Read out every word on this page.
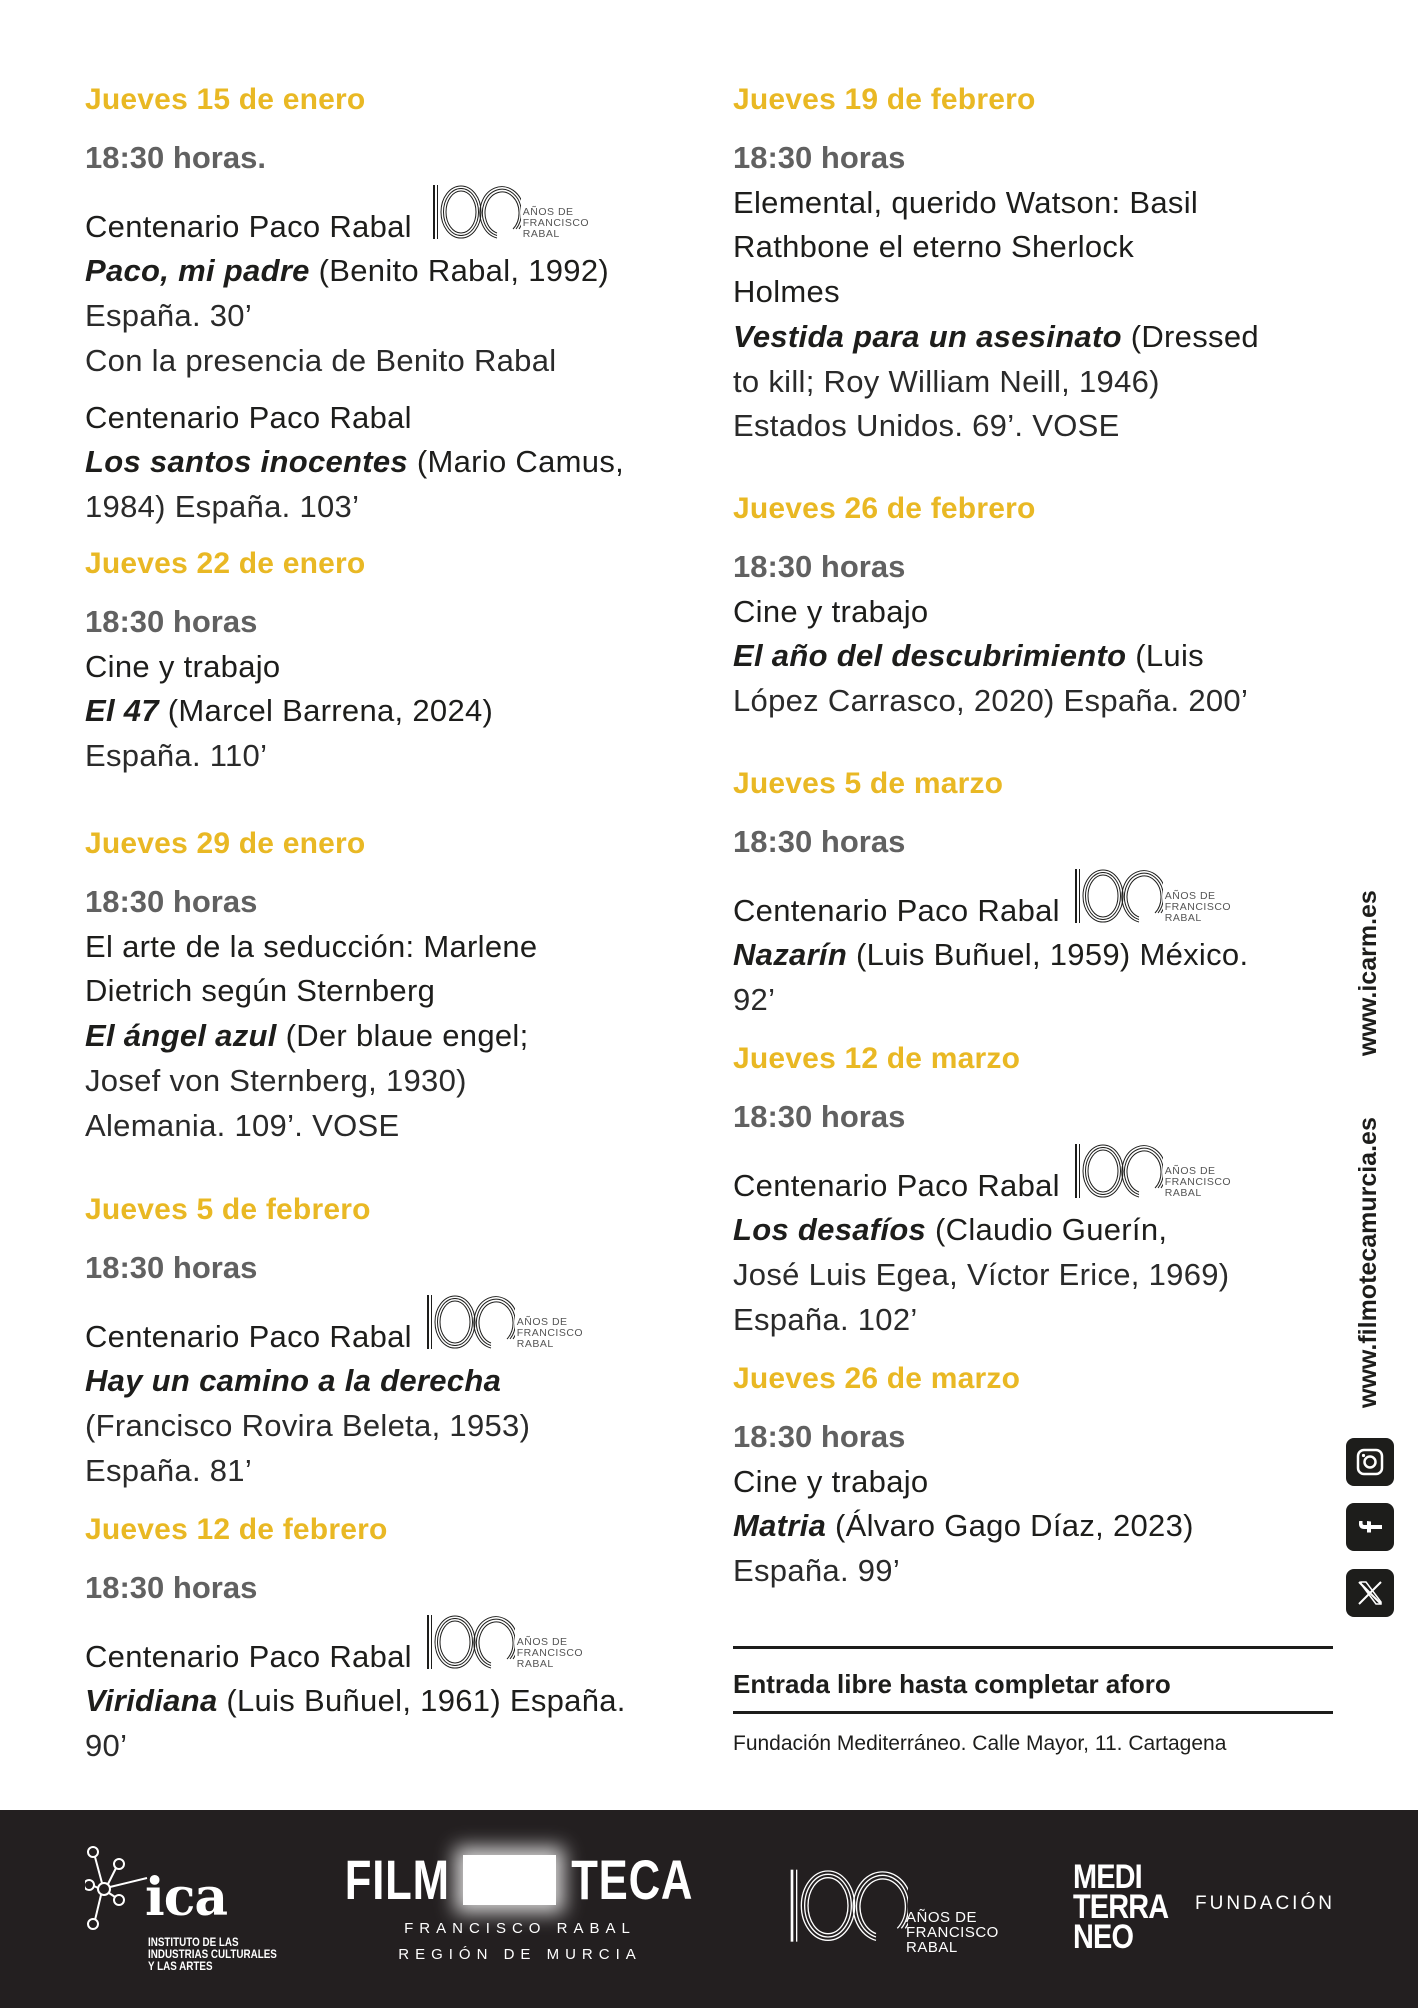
Jueves 15 de enero
18:30 horas.
Centenario Paco Rabal	AÑOS DE
FRANCISCO
RABAL
Paco, mi padre (Benito Rabal, 1992)
España. 30’
Con la presencia de Benito Rabal
Centenario Paco Rabal
Los santos inocentes (Mario Camus,
1984) España. 103’
Jueves 22 de enero
18:30 horas
Cine y trabajo
El 47 (Marcel Barrena, 2024)
España. 110’
Jueves 29 de enero
18:30 horas
El arte de la seducción: Marlene
Dietrich según Sternberg
El ángel azul (Der blaue engel;
Josef von Sternberg, 1930)
Alemania. 109’. VOSE
Jueves 5 de febrero
18:30 horas
Centenario Paco Rabal	AÑOS DE
FRANCISCO
RABAL
Hay un camino a la derecha
(Francisco Rovira Beleta, 1953)
España. 81’
Jueves 12 de febrero
18:30 horas
Centenario Paco Rabal	AÑOS DE
FRANCISCO
RABAL
Viridiana (Luis Buñuel, 1961) España.
90’
Jueves 19 de febrero
18:30 horas
Elemental, querido Watson: Basil
Rathbone el eterno Sherlock
Holmes
Vestida para un asesinato (Dressed
to kill; Roy William Neill, 1946)
Estados Unidos. 69’. VOSE
Jueves 26 de febrero
18:30 horas
Cine y trabajo
El año del descubrimiento (Luis
López Carrasco, 2020) España. 200’
Jueves 5 de marzo
18:30 horas
Centenario Paco Rabal	AÑOS DE
FRANCISCO
RABAL
Nazarín (Luis Buñuel, 1959) México.
92’
Jueves 12 de marzo
18:30 horas
Centenario Paco Rabal	AÑOS DE
FRANCISCO
RABAL
Los desafíos (Claudio Guerín,
José Luis Egea, Víctor Erice, 1969)
España. 102’
Jueves 26 de marzo
18:30 horas
Cine y trabajo
Matria (Álvaro Gago Díaz, 2023)
España. 99’
Entrada libre hasta completar aforo
Fundación Mediterráneo. Calle Mayor, 11. Cartagena
www.icarm.es
www.filmotecamurcia.es
ica
INSTITUTO DE LAS
INDUSTRIAS CULTURALES
Y LAS ARTES
FILM TECA
FRANCISCO RABAL
REGIÓN DE MURCIA
AÑOS DE
FRANCISCO
RABAL
MEDI
TERRA
NEO
FUNDACIÓN
